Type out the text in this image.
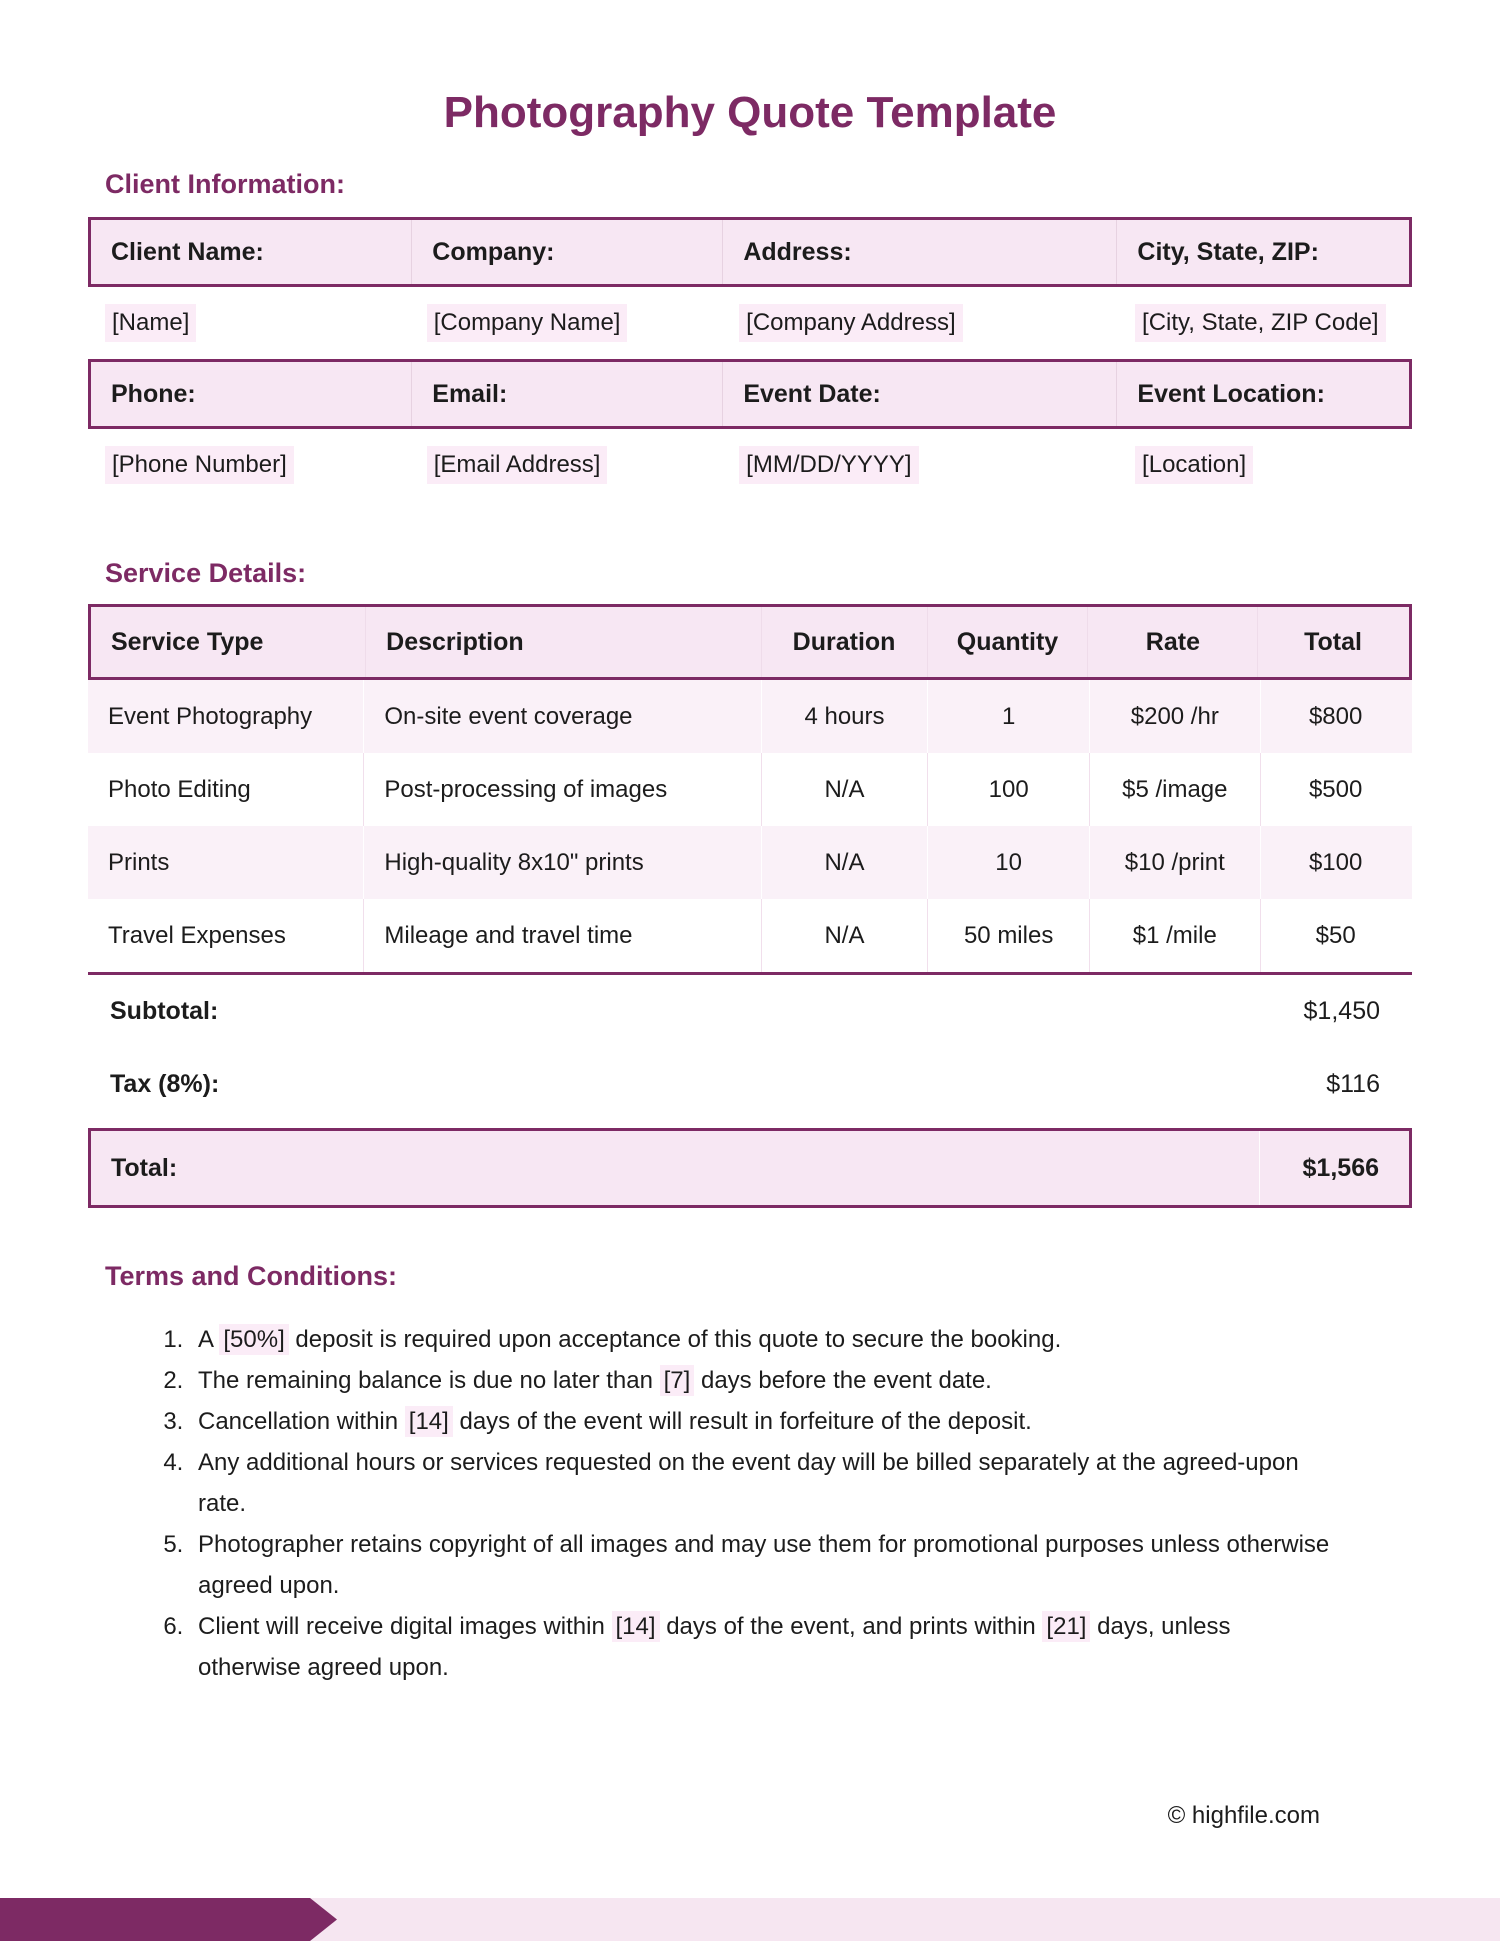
Photography Quote Template
Client Information:
Client Name:	Company:	Address:	City, State, ZIP:
[Name]	[Company Name]	[Company Address]	[City, State, ZIP Code]
Phone:	Email:	Event Date:	Event Location:
[Phone Number]	[Email Address]	[MM/DD/YYYY]	[Location]
Service Details:
Service Type	Description	Duration	Quantity	Rate	Total
Event Photography	On-site event coverage	4 hours	1	$200 /hr	$800
Photo Editing	Post-processing of images	N/A	100	$5 /image	$500
Prints	High-quality 8x10" prints	N/A	10	$10 /print	$100
Travel Expenses	Mileage and travel time	N/A	50 miles	$1 /mile	$50
Subtotal:	$1,450
Tax (8%):	$116
Total:	$1,566
Terms and Conditions:
1. A [50%] deposit is required upon acceptance of this quote to secure the booking.
2. The remaining balance is due no later than [7] days before the event date.
3. Cancellation within [14] days of the event will result in forfeiture of the deposit.
4. Any additional hours or services requested on the event day will be billed separately at the agreed-upon rate.
5. Photographer retains copyright of all images and may use them for promotional purposes unless otherwise agreed upon.
6. Client will receive digital images within [14] days of the event, and prints within [21] days, unless otherwise agreed upon.
© highfile.com
